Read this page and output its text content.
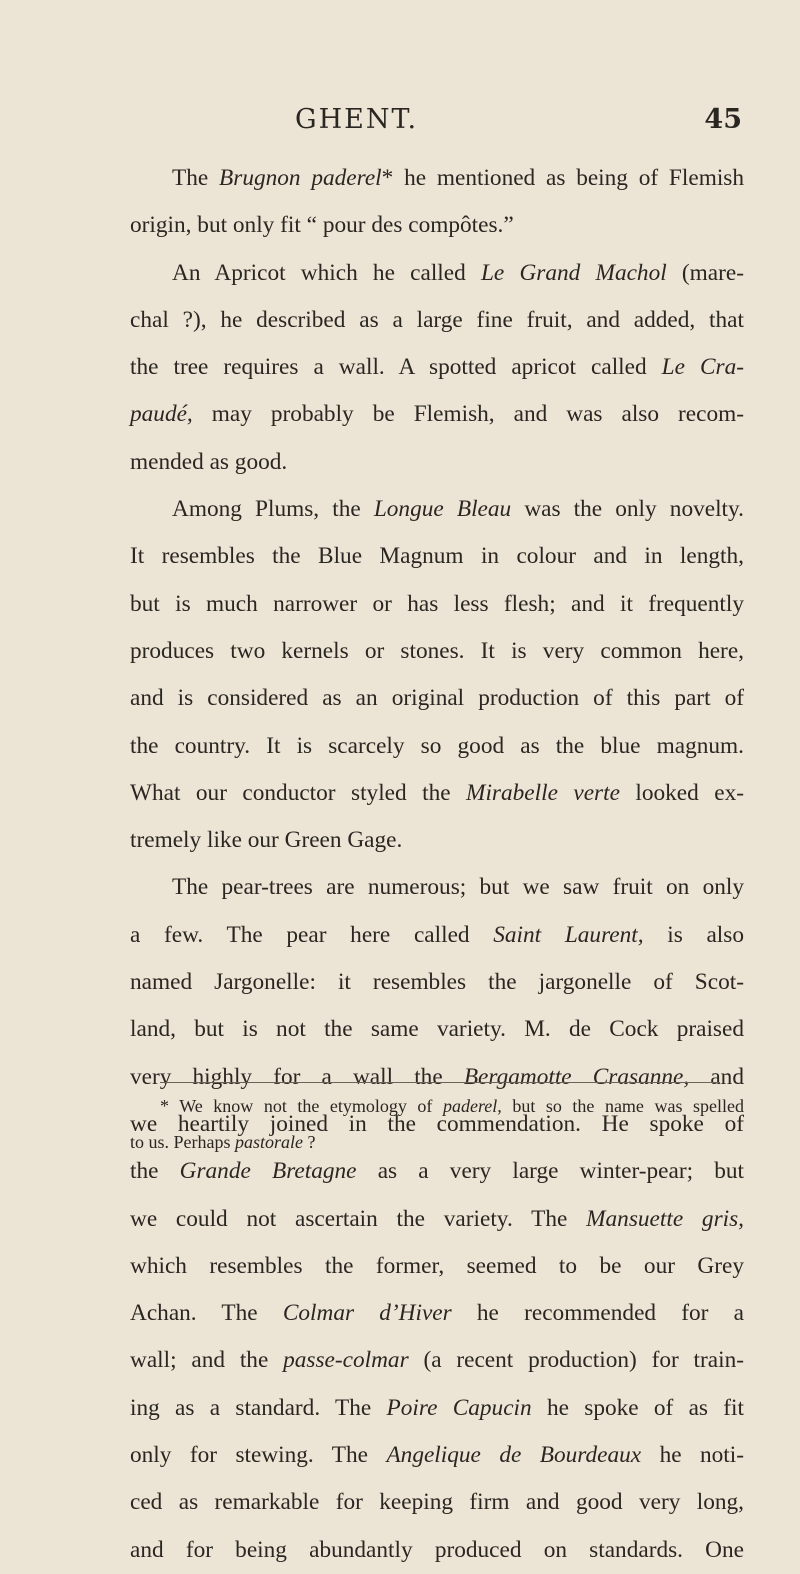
GHENT.	45

The Brugnon paderel* he mentioned as being of Flemish
origin, but only fit “ pour des compôtes.”

An Apricot which he called Le Grand Machol (mare-
chal ?), he described as a large fine fruit, and added, that
the tree requires a wall. A spotted apricot called Le Cra-
paudé, may probably be Flemish, and was also recom-
mended as good.

Among Plums, the Longue Bleau was the only novelty.
It resembles the Blue Magnum in colour and in length,
but is much narrower or has less flesh; and it frequently
produces two kernels or stones. It is very common here,
and is considered as an original production of this part of
the country. It is scarcely so good as the blue magnum.
What our conductor styled the Mirabelle verte looked ex-
tremely like our Green Gage.

The pear-trees are numerous; but we saw fruit on only
a few. The pear here called Saint Laurent, is also
named Jargonelle: it resembles the jargonelle of Scot-
land, but is not the same variety. M. de Cock praised
very highly for a wall the Bergamotte Crasanne, and
we heartily joined in the commendation. He spoke of
the Grande Bretagne as a very large winter-pear; but
we could not ascertain the variety. The Mansuette gris,
which resembles the former, seemed to be our Grey
Achan. The Colmar d’Hiver he recommended for a
wall; and the passe-colmar (a recent production) for train-
ing as a standard. The Poire Capucin he spoke of as fit
only for stewing. The Angelique de Bourdeaux he noti-
ced as remarkable for keeping firm and good very long,
and for being abundantly produced on standards. One

* We know not the etymology of paderel, but so the name was spelled
to us. Perhaps pastorale ?
